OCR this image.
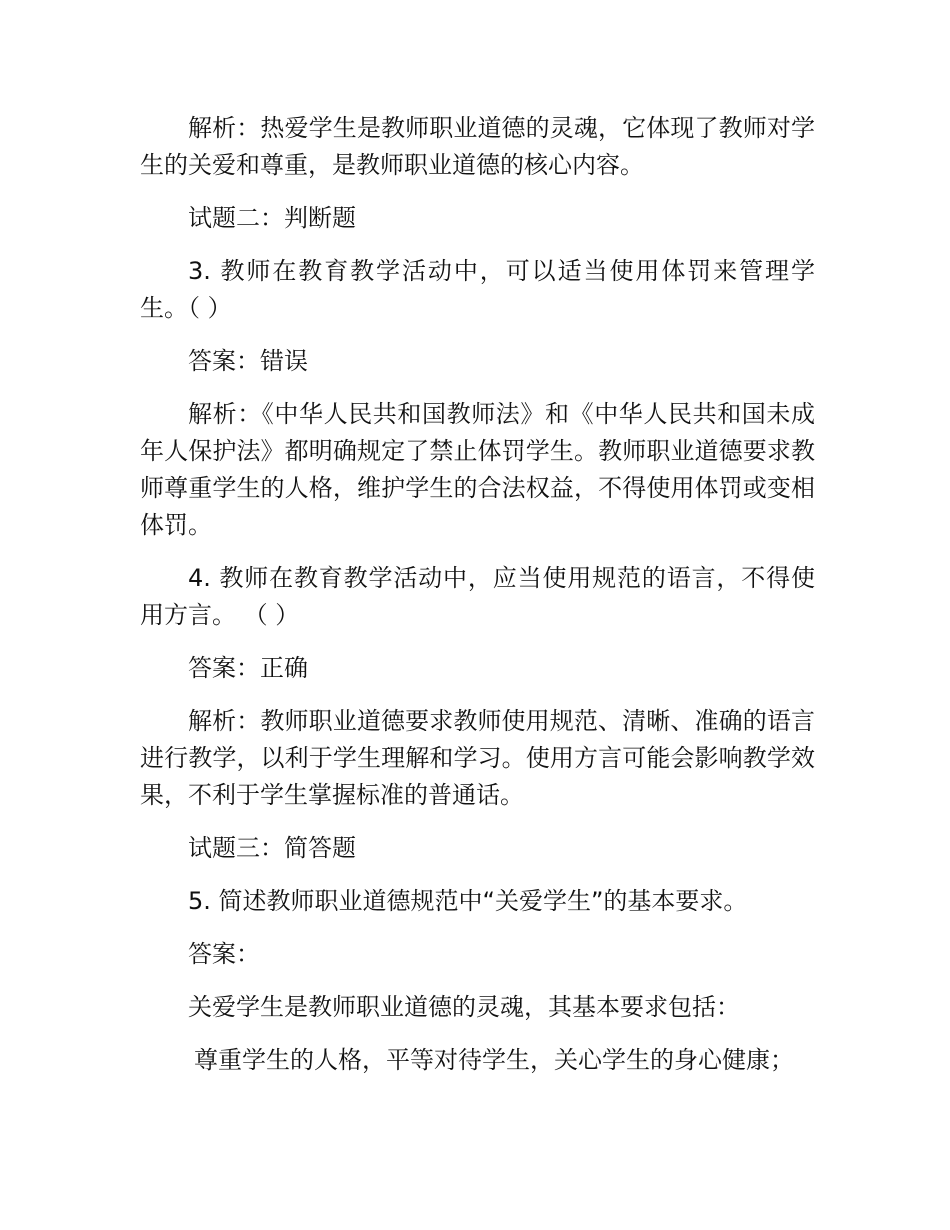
解析：热爱学生是教师职业道德的灵魂，它体现了教师对学生的关爱和尊重，是教师职业道德的核心内容。

试题二：判断题

3. 教师在教育教学活动中，可以适当使用体罚来管理学生。（ ）

答案：错误

解析：《中华人民共和国教师法》和《中华人民共和国未成年人保护法》都明确规定了禁止体罚学生。教师职业道德要求教师尊重学生的人格，维护学生的合法权益，不得使用体罚或变相体罚。

4. 教师在教育教学活动中，应当使用规范的语言，不得使用方言。 （ ）

答案：正确

解析：教师职业道德要求教师使用规范、清晰、准确的语言进行教学，以利于学生理解和学习。使用方言可能会影响教学效果，不利于学生掌握标准的普通话。

试题三：简答题

5. 简述教师职业道德规范中“关爱学生”的基本要求。

答案：

关爱学生是教师职业道德的灵魂，其基本要求包括：

尊重学生的人格，平等对待学生，关心学生的身心健康；
